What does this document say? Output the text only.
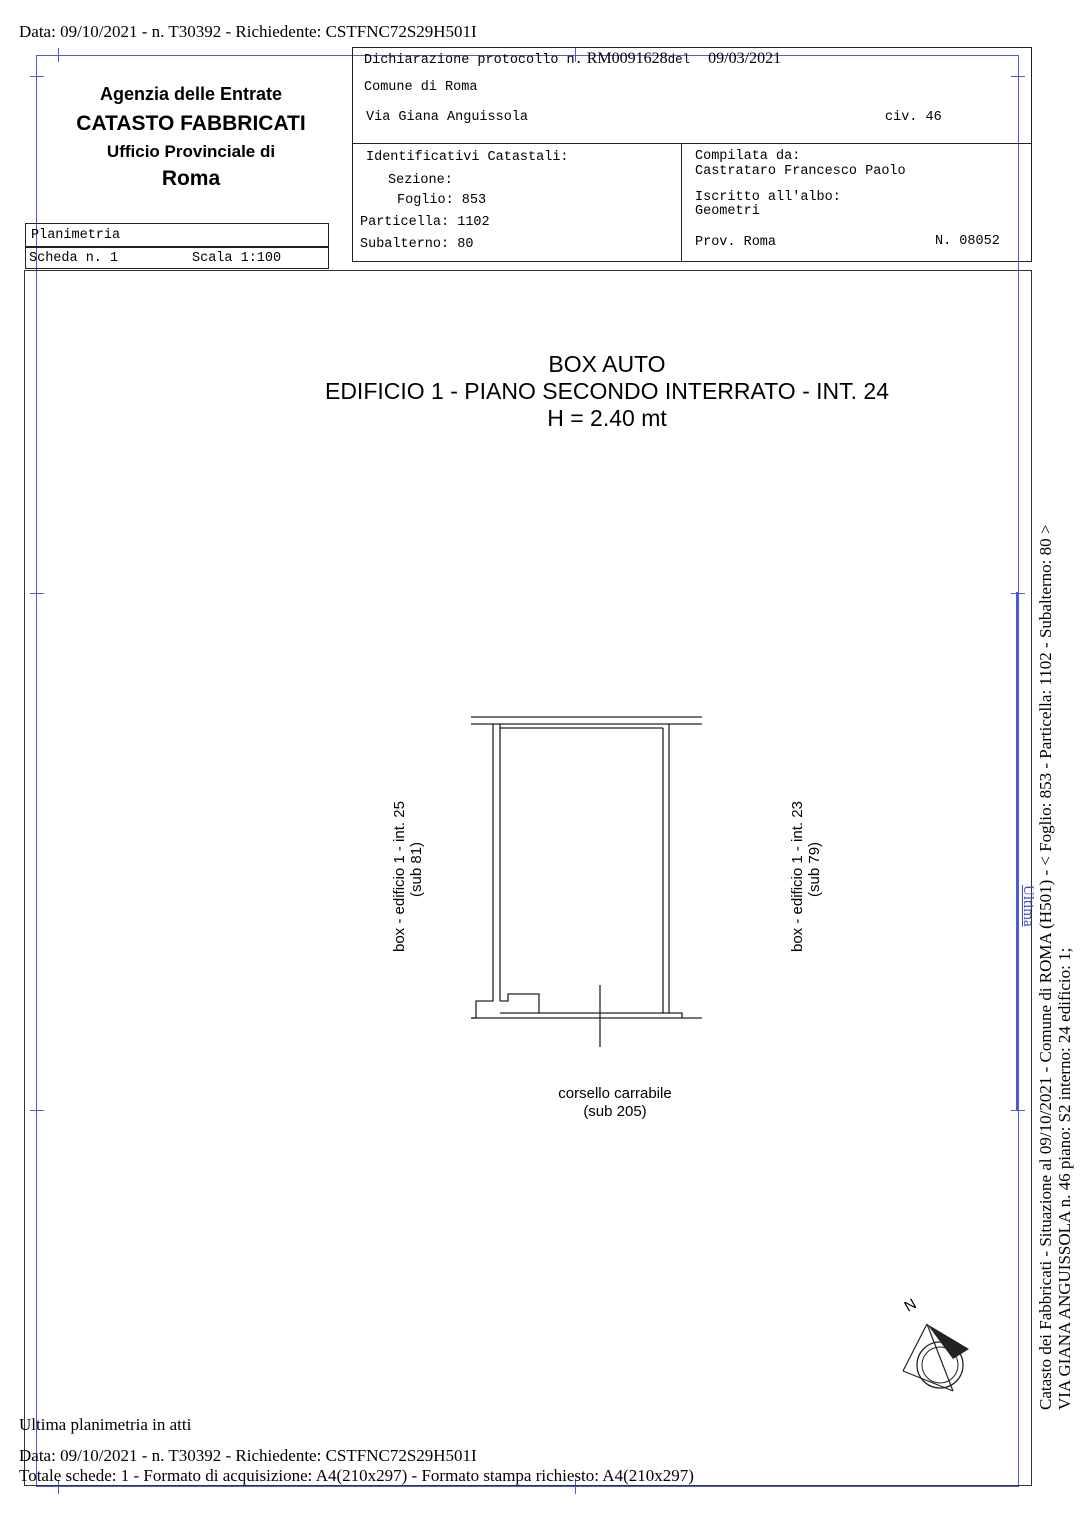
Data: 09/10/2021 - n. T30392 - Richiedente: CSTFNC72S29H501I
Agenzia delle Entrate
CATASTO FABBRICATI
Ufficio Provinciale di
Roma
Planimetria
Scheda n. 1	Scala 1:100
Dichiarazione protocollo n. RM0091628del 09/03/2021
Comune di Roma
Via Giana Anguissola	civ. 46
Identificativi Catastali:
Sezione:
Foglio: 853
Particella: 1102
Subalterno: 80
Compilata da:
Castrataro Francesco Paolo
Iscritto all'albo:
Geometri
Prov. Roma	N. 08052
BOX AUTO
EDIFICIO 1 - PIANO SECONDO INTERRATO - INT. 24
H = 2.40 mt
box - edificio 1 - int. 25 (sub 81)	box - edificio 1 - int. 23 (sub 79)
corsello carrabile
(sub 205)
N
Ultima Catasto dei Fabbricati - Situazione al 09/10/2021 - Comune di ROMA (H501) - < Foglio: 853 - Particella: 1102 - Subalterno: 80 > VIA GIANA ANGUISSOLA n. 46 piano: S2 interno: 24 edificio: 1;
Ultima planimetria in atti
Data: 09/10/2021 - n. T30392 - Richiedente: CSTFNC72S29H501I
Totale schede: 1 - Formato di acquisizione: A4(210x297) - Formato stampa richiesto: A4(210x297)
